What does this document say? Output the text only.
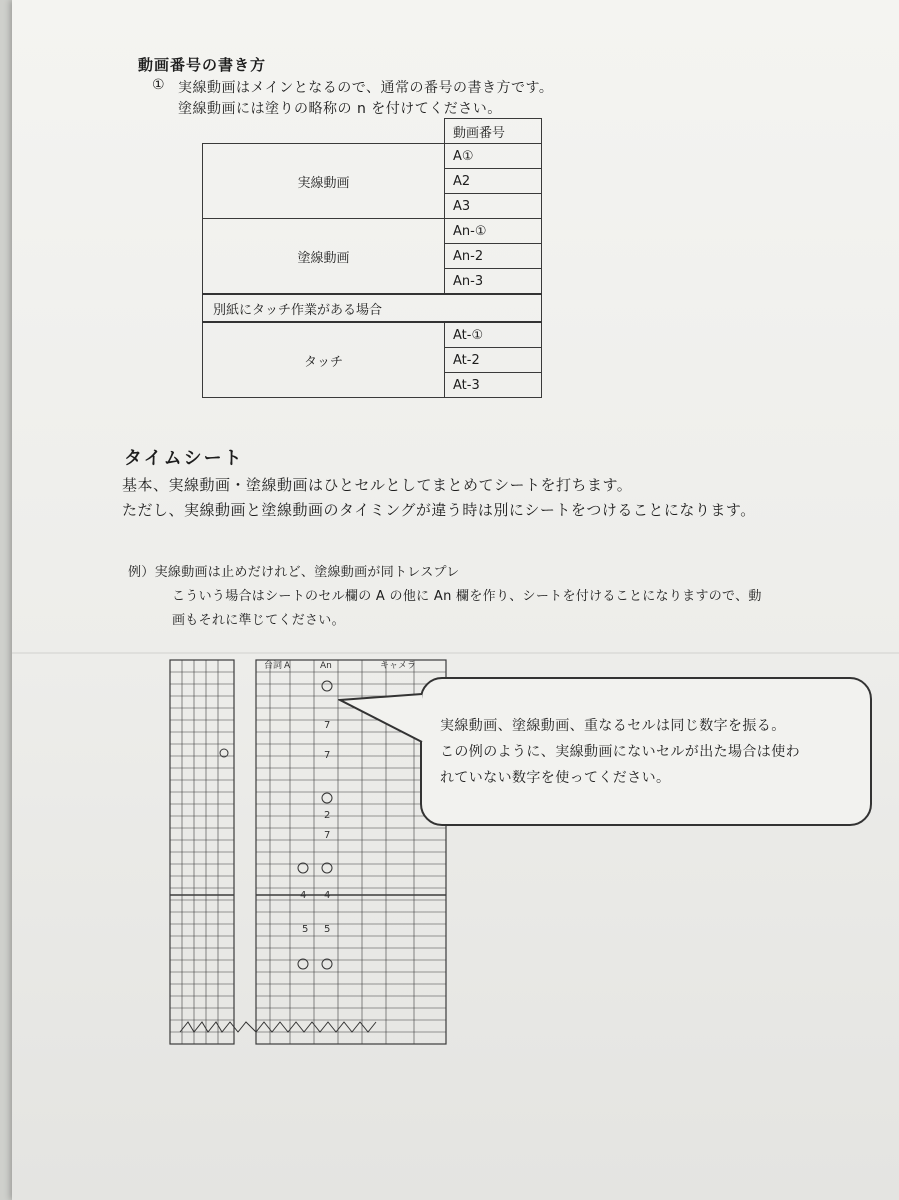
動画番号の書き方
① 実線動画はメインとなるので、通常の番号の書き方です。
塗線動画には塗りの略称の n を付けてください。
	動画番号
実線動画	A①
	A2
	A3
塗線動画	An-①
	An-2
	An-3
別紙にタッチ作業がある場合	
タッチ	At-①
	At-2
	At-3
タイムシート
基本、実線動画・塗線動画はひとセルとしてまとめてシートを打ちます。
ただし、実線動画と塗線動画のタイミングが違う時は別にシートをつけることになります。
例）実線動画は止めだけれど、塗線動画が同トレスプレ
こういう場合はシートのセル欄の A の他に An 欄を作り、シートを付けることになりますので、動
画もそれに準じてください。
キャメラ
A	An
台詞
7
7
7
4
5 5
4
2
実線動画、塗線動画、重なるセルは同じ数字を振る。
この例のように、実線動画にないセルが出た場合は使わ
れていない数字を使ってください。
